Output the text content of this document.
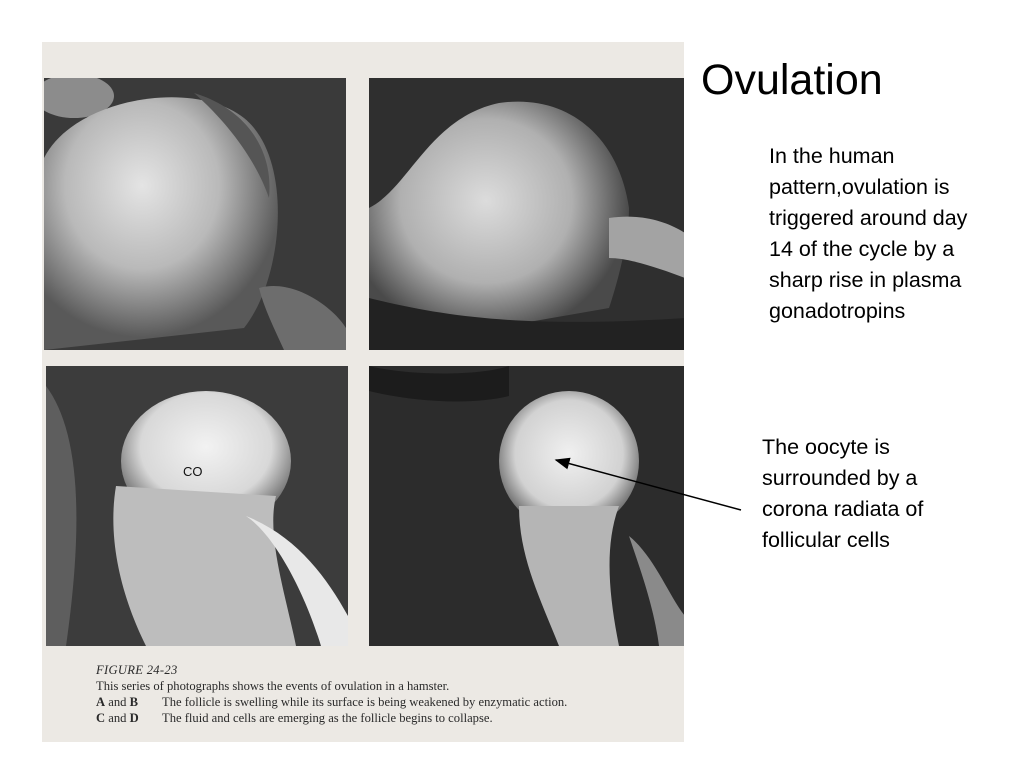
CO
FIGURE 24-23
This series of photographs shows the events of ovulation in a hamster.
A and B The follicle is swelling while its surface is being weakened by enzymatic action.
C and D The fluid and cells are emerging as the follicle begins to collapse.
Ovulation
In the human pattern,ovulation is triggered around day 14 of the cycle by a sharp rise in plasma gonadotropins
The oocyte is surrounded by a corona radiata of follicular cells
